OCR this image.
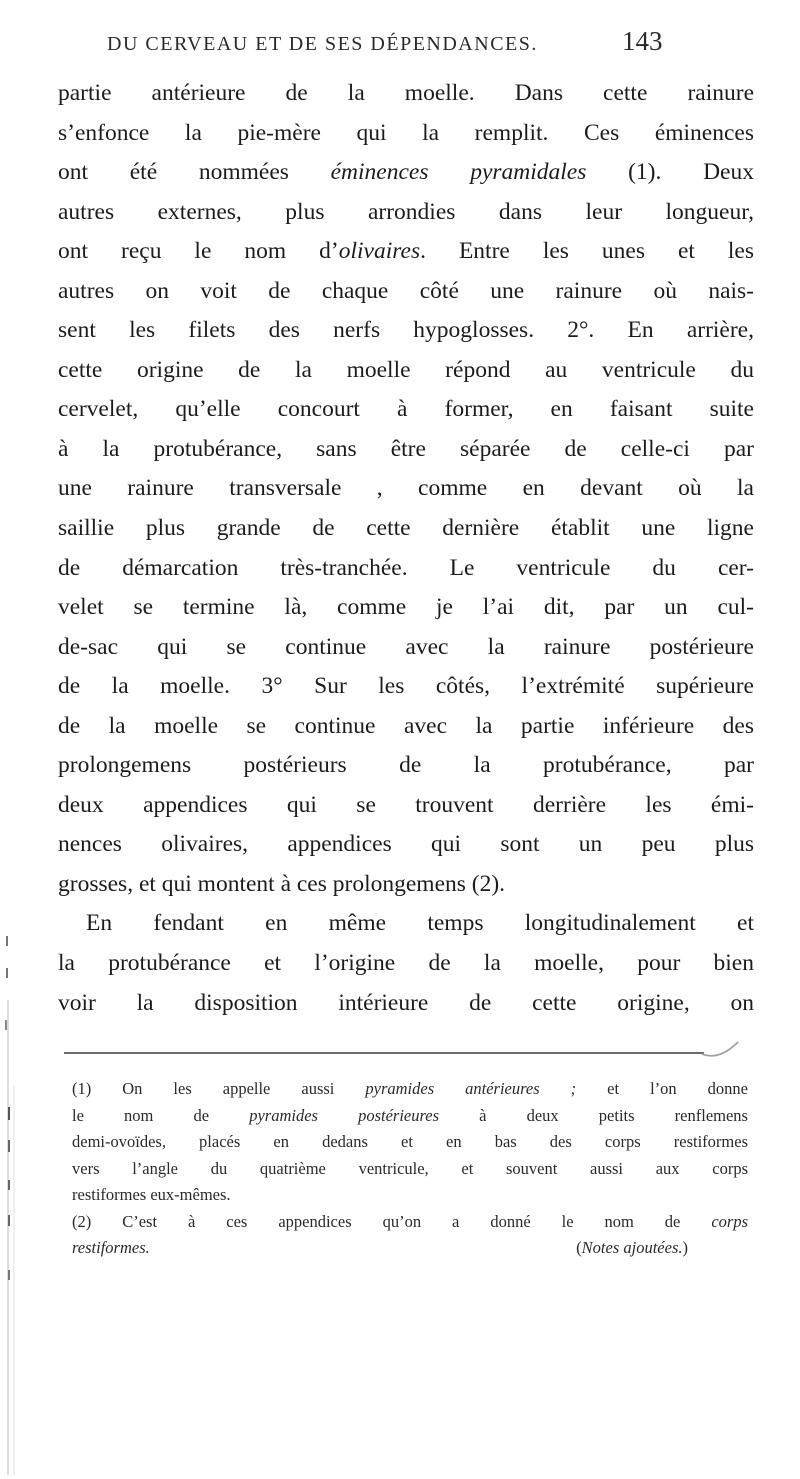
DU CERVEAU ET DE SES DÉPENDANCES.	143
partie antérieure de la moelle. Dans cette rainure
s’enfonce la pie-mère qui la remplit. Ces éminences
ont été nommées éminences pyramidales (1). Deux
autres externes, plus arrondies dans leur longueur,
ont reçu le nom d’olivaires. Entre les unes et les
autres on voit de chaque côté une rainure où nais-
sent les filets des nerfs hypoglosses. 2°. En arrière,
cette origine de la moelle répond au ventricule du
cervelet, qu’elle concourt à former, en faisant suite
à la protubérance, sans être séparée de celle-ci par
une rainure transversale , comme en devant où la
saillie plus grande de cette dernière établit une ligne
de démarcation très-tranchée. Le ventricule du cer-
velet se termine là, comme je l’ai dit, par un cul-
de-sac qui se continue avec la rainure postérieure
de la moelle. 3° Sur les côtés, l’extrémité supérieure
de la moelle se continue avec la partie inférieure des
prolongemens postérieurs de la protubérance, par
deux appendices qui se trouvent derrière les émi-
nences olivaires, appendices qui sont un peu plus
grosses, et qui montent à ces prolongemens (2).
En fendant en même temps longitudinalement et
la protubérance et l’origine de la moelle, pour bien
voir la disposition intérieure de cette origine, on
(1) On les appelle aussi pyramides antérieures ; et l’on donne
le nom de pyramides postérieures à deux petits renflemens
demi-ovoïdes, placés en dedans et en bas des corps restiformes
vers l’angle du quatrième ventricule, et souvent aussi aux corps
restiformes eux-mêmes.
(2) C’est à ces appendices qu’on a donné le nom de corps
restiformes.	(Notes ajoutées.)
